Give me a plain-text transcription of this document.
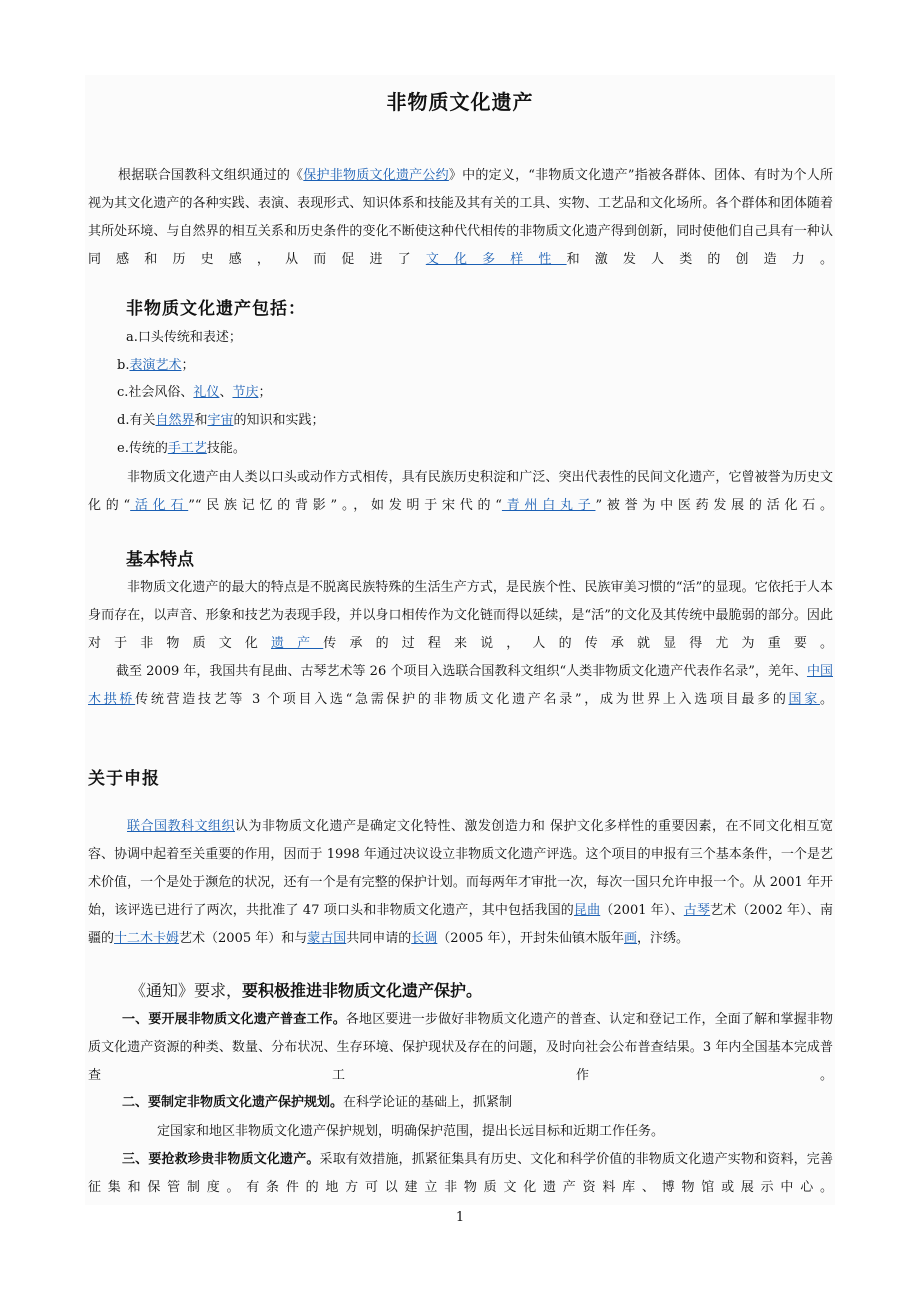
非物质文化遗产

根据联合国教科文组织通过的《保护非物质文化遗产公约》中的定义，“非物质文化遗产”指被各群体、团体、有时为个人所视为其文化遗产的各种实践、表演、表现形式、知识体系和技能及其有关的工具、实物、工艺品和文化场所。各个群体和团体随着其所处环境、与自然界的相互关系和历史条件的变化不断使这种代代相传的非物质文化遗产得到创新，同时使他们自己具有一种认同感和历史感，从而促进了文化多样性和激发人类的创造力。

非物质文化遗产包括：
a.口头传统和表述；
b.表演艺术；
c.社会风俗、礼仪、节庆；
d.有关自然界和宇宙的知识和实践；
e.传统的手工艺技能。

非物质文化遗产由人类以口头或动作方式相传，具有民族历史积淀和广泛、突出代表性的民间文化遗产，它曾被誉为历史文化的“活化石”“民族记忆的背影”。，如发明于宋代的“青州白丸子”被誉为中医药发展的活化石。

基本特点

非物质文化遗产的最大的特点是不脱离民族特殊的生活生产方式，是民族个性、民族审美习惯的“活”的显现。它依托于人本身而存在，以声音、形象和技艺为表现手段，并以身口相传作为文化链而得以延续，是“活”的文化及其传统中最脆弱的部分。因此对于非物质文化遗产传承的过程来说，人的传承就显得尤为重要。

截至 2009 年，我国共有昆曲、古琴艺术等 26 个项目入选联合国教科文组织“人类非物质文化遗产代表作名录”，羌年、中国木拱桥传统营造技艺等 3 个项目入选“急需保护的非物质文化遗产名录”，成为世界上入选项目最多的国家。

关于申报

联合国教科文组织认为非物质文化遗产是确定文化特性、激发创造力和 保护文化多样性的重要因素，在不同文化相互宽容、协调中起着至关重要的作用，因而于 1998 年通过决议设立非物质文化遗产评选。这个项目的申报有三个基本条件，一个是艺术价值，一个是处于濒危的状况，还有一个是有完整的保护计划。而每两年才审批一次，每次一国只允许申报一个。从 2001 年开始，该评选已进行了两次，共批准了 47 项口头和非物质文化遗产，其中包括我国的昆曲（2001 年）、古琴艺术（2002 年）、南疆的十二木卡姆艺术（2005 年）和与蒙古国共同申请的长调（2005 年），开封朱仙镇木版年画，汴绣。

《通知》要求，要积极推进非物质文化遗产保护。

一、要开展非物质文化遗产普查工作。各地区要进一步做好非物质文化遗产的普查、认定和登记工作，全面了解和掌握非物质文化遗产资源的种类、数量、分布状况、生存环境、保护现状及存在的问题，及时向社会公布普查结果。3 年内全国基本完成普查工作。

二、要制定非物质文化遗产保护规划。在科学论证的基础上，抓紧制
定国家和地区非物质文化遗产保护规划，明确保护范围，提出长远目标和近期工作任务。

三、要抢救珍贵非物质文化遗产。采取有效措施，抓紧征集具有历史、文化和科学价值的非物质文化遗产实物和资料，完善征集和保管制度。有条件的地方可以建立非物质文化遗产资料库、博物馆或展示中心。

1
